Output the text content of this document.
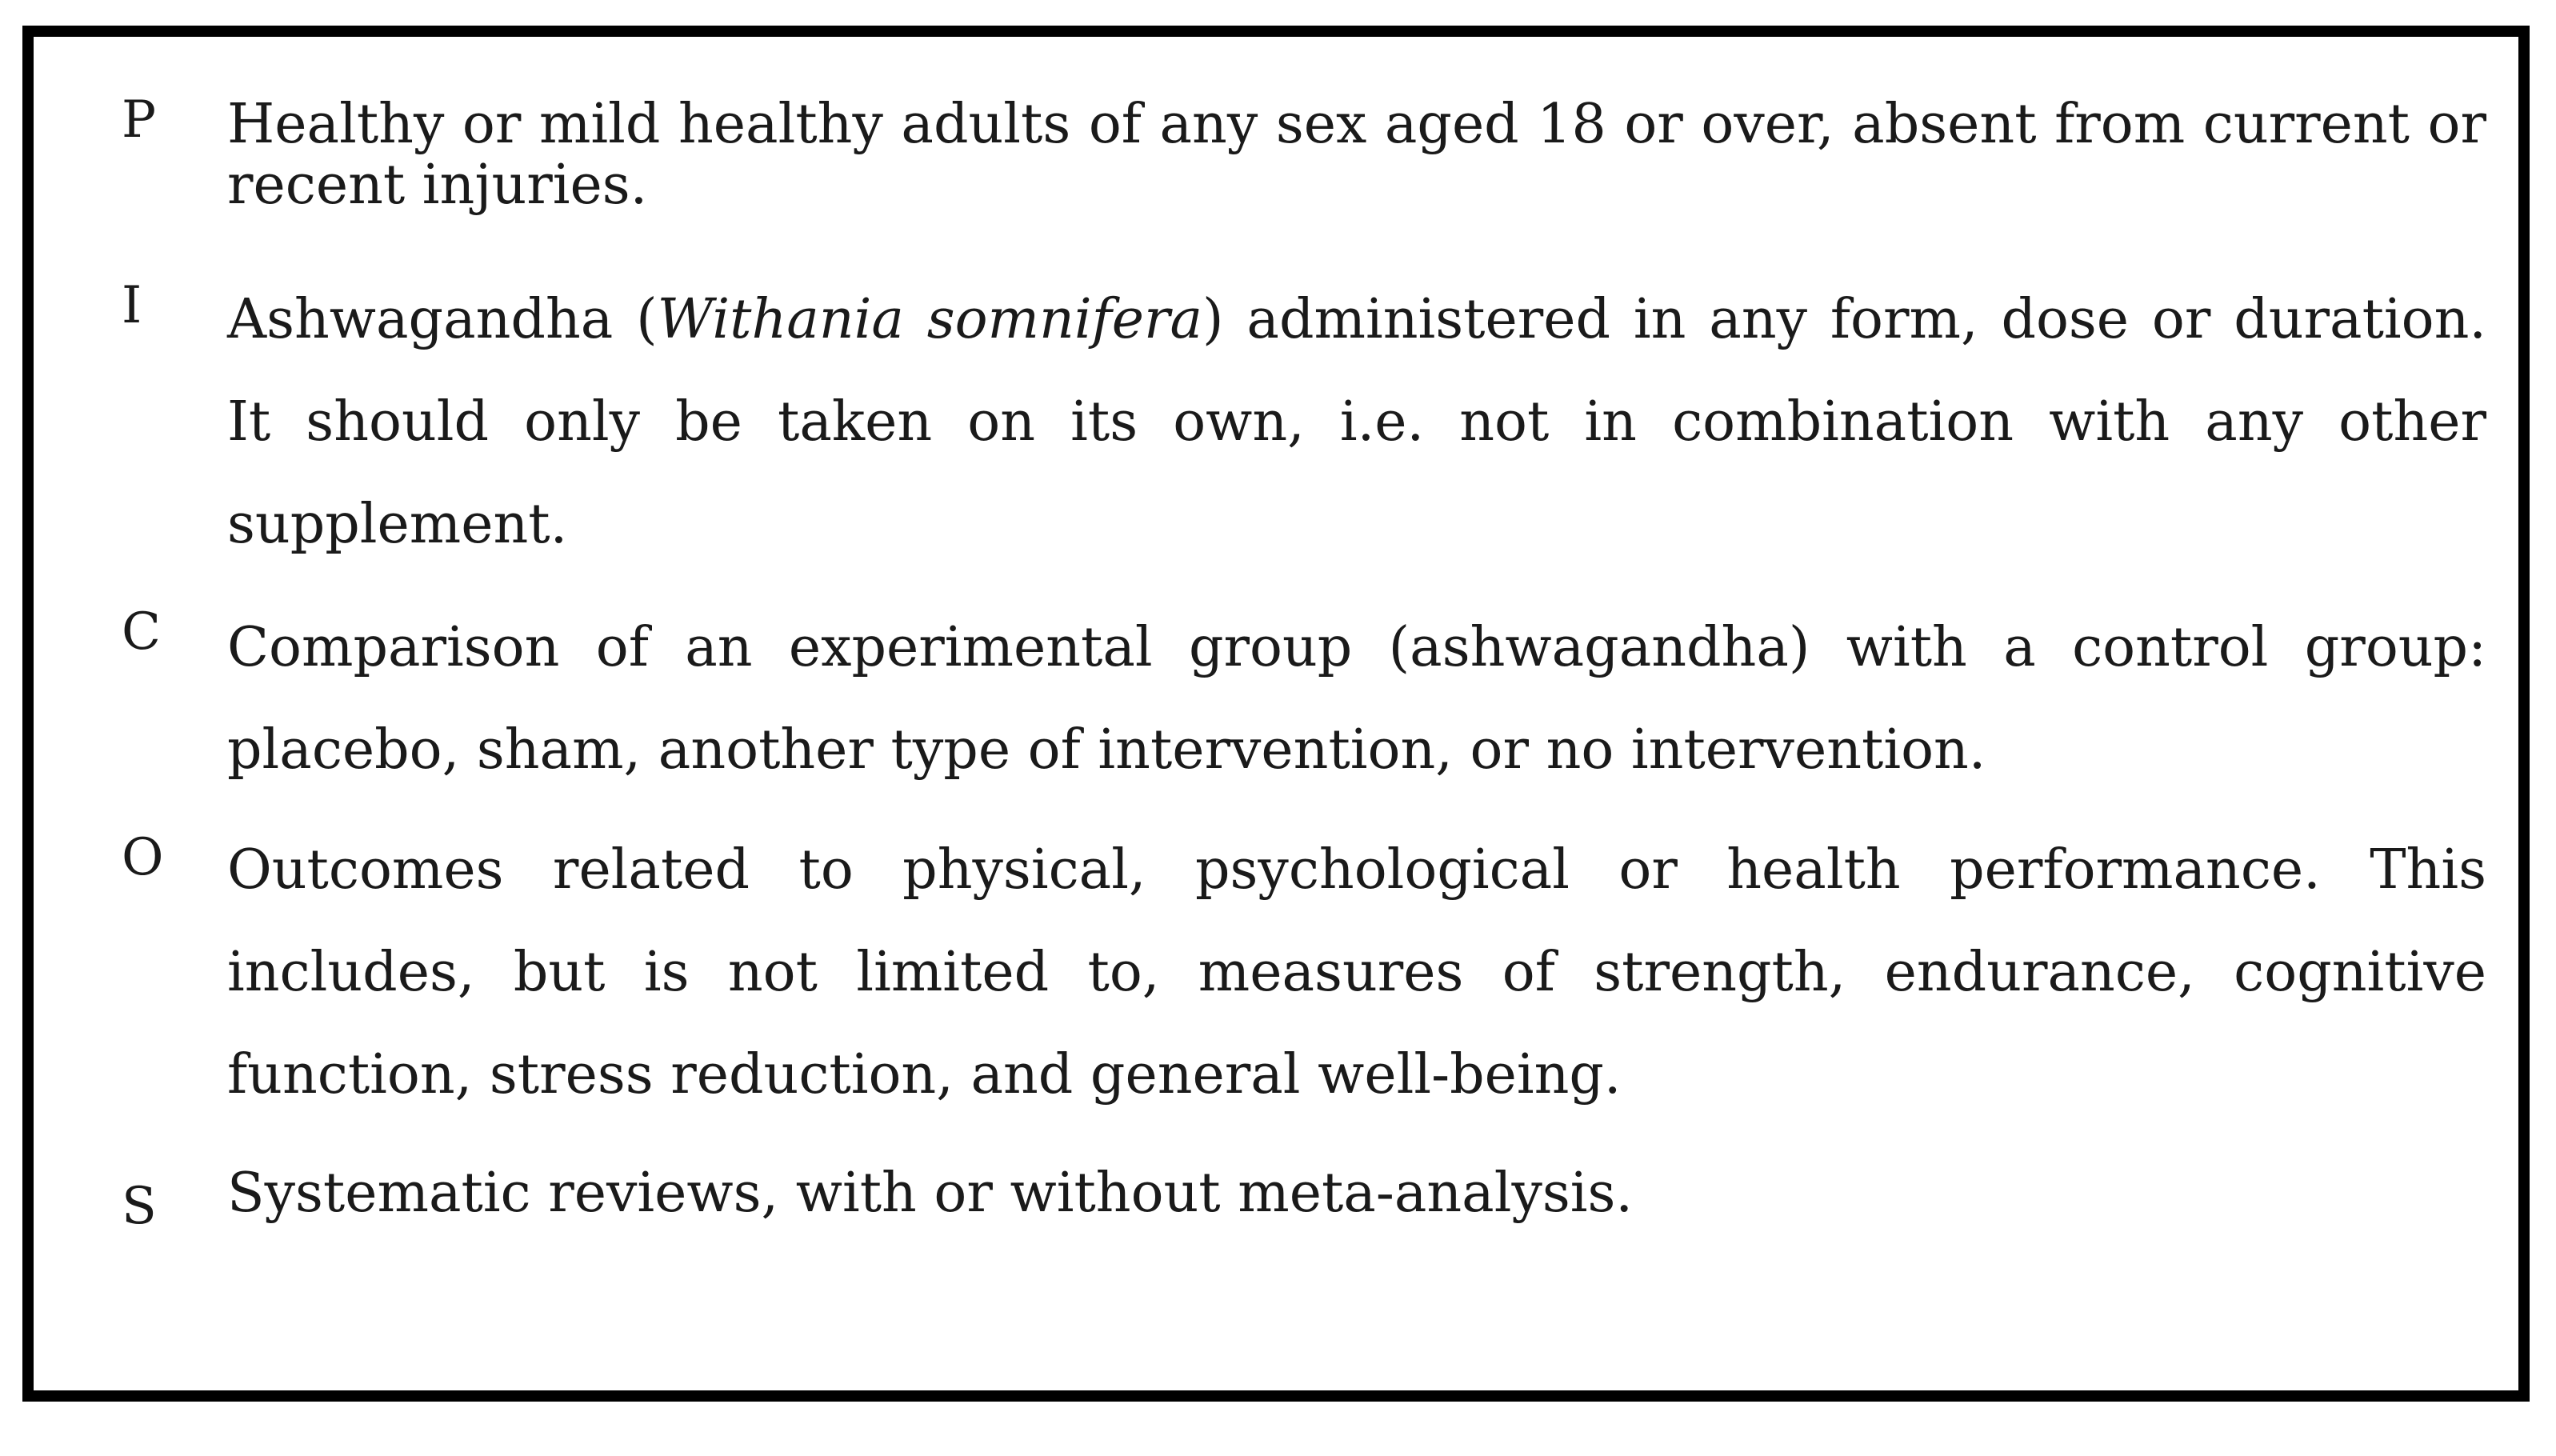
P Healthy or mild healthy adults of any sex aged 18 or over, absent from current or recent injuries.
I Ashwagandha (Withania somnifera) administered in any form, dose or duration. It should only be taken on its own, i.e. not in combination with any other supplement.
C Comparison of an experimental group (ashwagandha) with a control group: placebo, sham, another type of intervention, or no intervention.
O Outcomes related to physical, psychological or health performance. This includes, but is not limited to, measures of strength, endurance, cognitive function, stress reduction, and general well-being.
S Systematic reviews, with or without meta-analysis.
